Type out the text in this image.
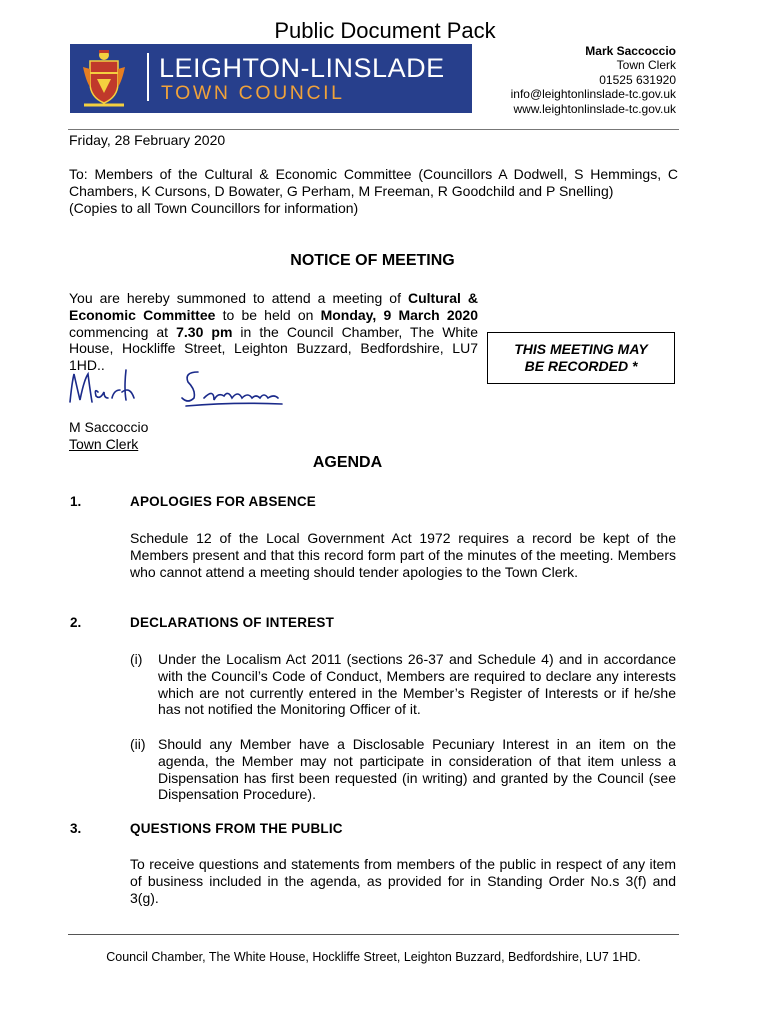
Public Document Pack
LEIGHTON-LINSLADE
TOWN COUNCIL
Mark Saccoccio
Town Clerk
01525 631920
info@leightonlinslade-tc.gov.uk
www.leightonlinslade-tc.gov.uk
Friday, 28 February 2020
To: Members of the Cultural & Economic Committee (Councillors A Dodwell, S Hemmings, C Chambers, K Cursons, D Bowater, G Perham, M Freeman, R Goodchild and P Snelling)
(Copies to all Town Councillors for information)
NOTICE OF MEETING
You are hereby summoned to attend a meeting of Cultural & Economic Committee to be held on Monday, 9 March 2020 commencing at 7.30 pm in the Council Chamber, The White House, Hockliffe Street, Leighton Buzzard, Bedfordshire, LU7 1HD..
THIS MEETING MAY
BE RECORDED *
M Saccoccio
Town Clerk
AGENDA
1.	APOLOGIES FOR ABSENCE
Schedule 12 of the Local Government Act 1972 requires a record be kept of the Members present and that this record form part of the minutes of the meeting. Members who cannot attend a meeting should tender apologies to the Town Clerk.
2.	DECLARATIONS OF INTEREST
(i)	Under the Localism Act 2011 (sections 26-37 and Schedule 4) and in accordance with the Council’s Code of Conduct, Members are required to declare any interests which are not currently entered in the Member’s Register of Interests or if he/she has not notified the Monitoring Officer of it.
(ii) Should any Member have a Disclosable Pecuniary Interest in an item on the agenda, the Member may not participate in consideration of that item unless a Dispensation has first been requested (in writing) and granted by the Council (see Dispensation Procedure).
3.	QUESTIONS FROM THE PUBLIC
To receive questions and statements from members of the public in respect of any item of business included in the agenda, as provided for in Standing Order No.s 3(f) and 3(g).
Council Chamber, The White House, Hockliffe Street, Leighton Buzzard, Bedfordshire, LU7 1HD.
